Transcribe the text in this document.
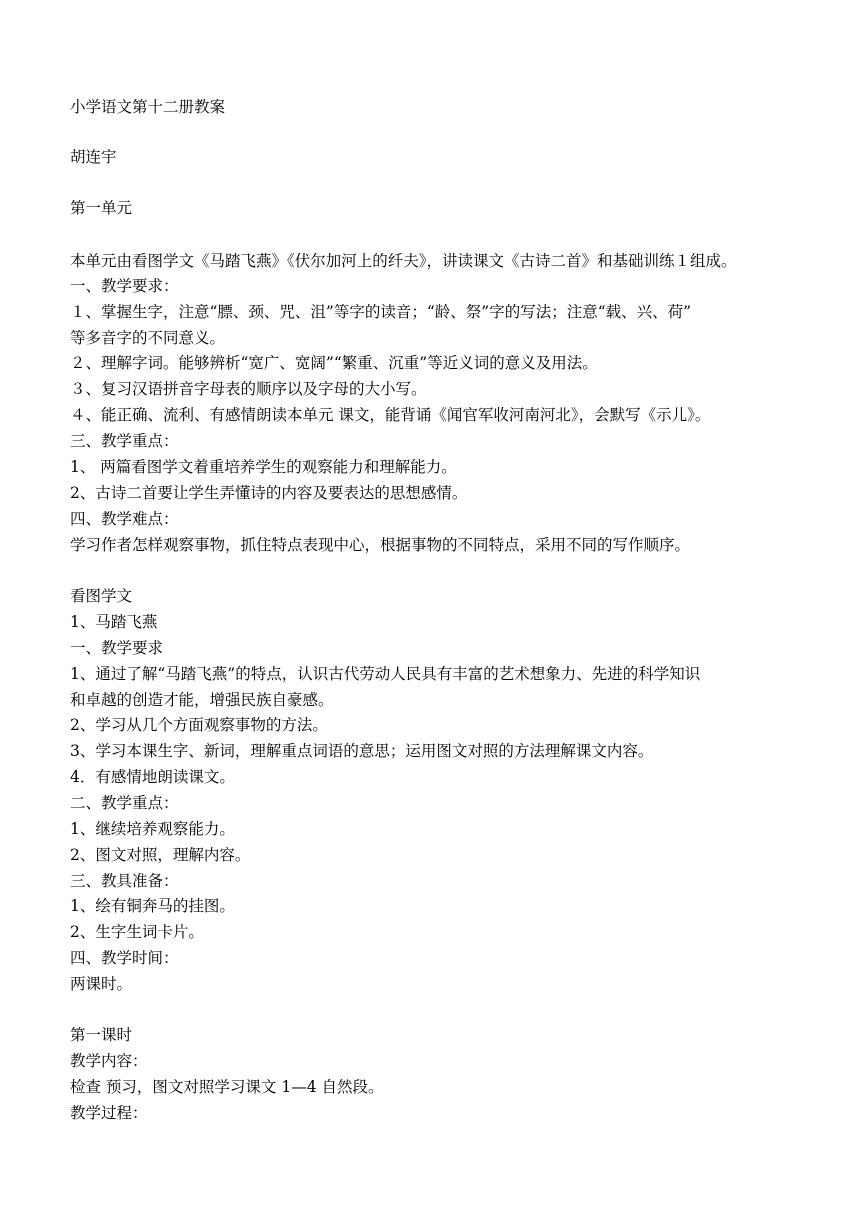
小学语文第十二册教案
胡连宇
第一单元
本单元由看图学文《马踏飞燕》《伏尔加河上的纤夫》，讲读课文《古诗二首》和基础训练１组成。
一、教学要求：
１、掌握生字，注意“膘、颈、咒、沮”等字的读音；“龄、祭”字的写法；注意“载、兴、荷”
等多音字的不同意义。
２、理解字词。能够辨析“宽广、宽阔”“繁重、沉重”等近义词的意义及用法。
３、复习汉语拼音字母表的顺序以及字母的大小写。
４、能正确、流利、有感情朗读本单元 课文，能背诵《闻官军收河南河北》，会默写《示儿》。
三、教学重点：
1、 两篇看图学文着重培养学生的观察能力和理解能力。
2、古诗二首要让学生弄懂诗的内容及要表达的思想感情。
四、教学难点：
学习作者怎样观察事物，抓住特点表现中心，根据事物的不同特点，采用不同的写作顺序。
看图学文
1、马踏飞燕
一、教学要求
1、通过了解“马踏飞燕”的特点，认识古代劳动人民具有丰富的艺术想象力、先进的科学知识
和卓越的创造才能，增强民族自豪感。
2、学习从几个方面观察事物的方法。
3、学习本课生字、新词，理解重点词语的意思；运用图文对照的方法理解课文内容。
4．有感情地朗读课文。
二、教学重点：
1、继续培养观察能力。
2、图文对照，理解内容。
三、教具准备：
1、绘有铜奔马的挂图。
2、生字生词卡片。
四、教学时间：
两课时。
第一课时
教学内容：
检查 预习，图文对照学习课文 1—4 自然段。
教学过程：
